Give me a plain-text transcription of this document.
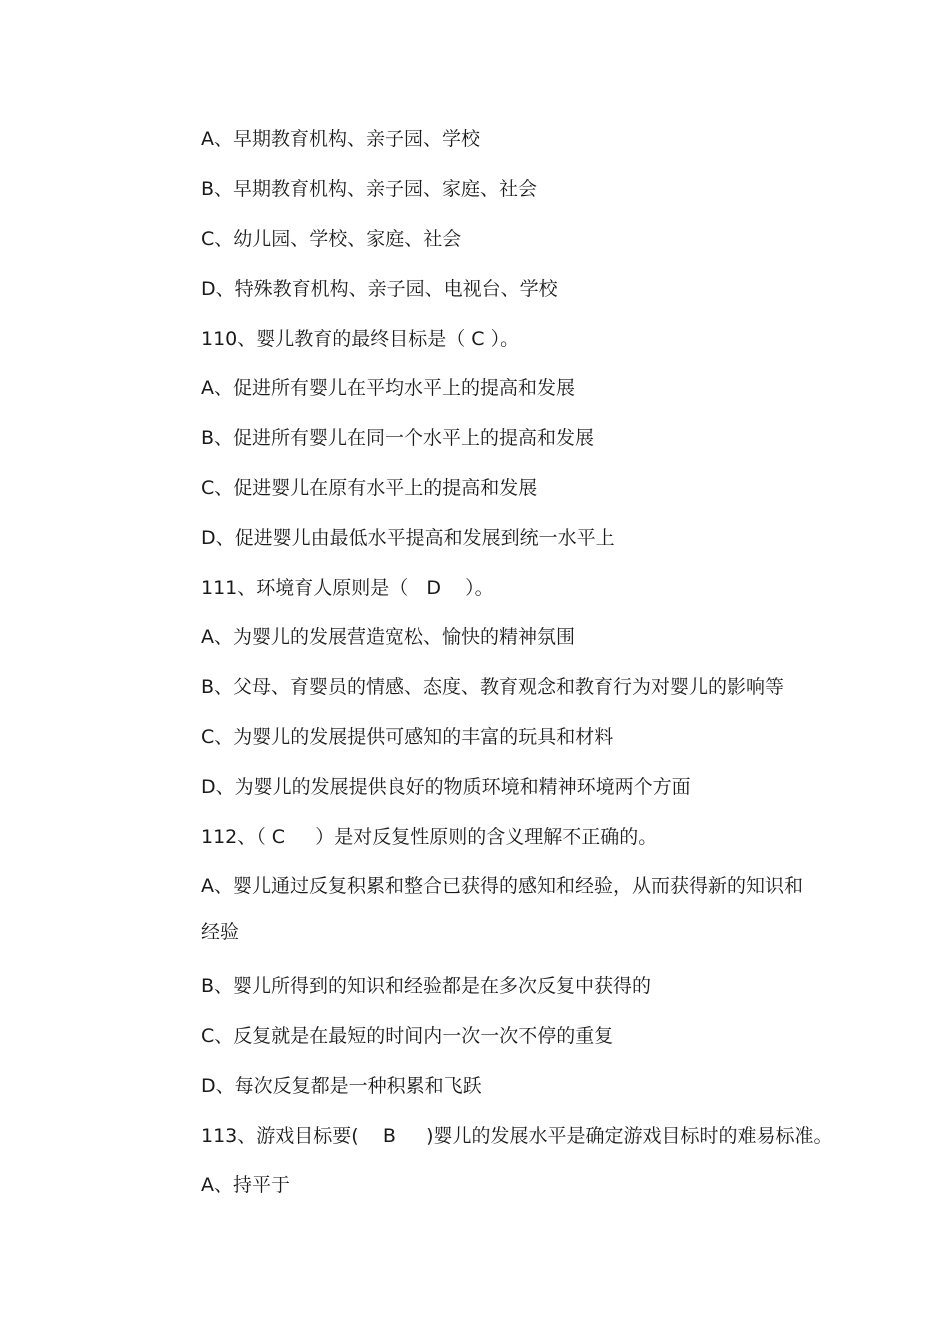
A、早期教育机构、亲子园、学校
B、早期教育机构、亲子园、家庭、社会
C、幼儿园、学校、家庭、社会
D、特殊教育机构、亲子园、电视台、学校
110、婴儿教育的最终目标是（ C ）。
A、促进所有婴儿在平均水平上的提高和发展
B、促进所有婴儿在同一个水平上的提高和发展
C、促进婴儿在原有水平上的提高和发展
D、促进婴儿由最低水平提高和发展到统一水平上
111、环境育人原则是（   D    ）。
A、为婴儿的发展营造宽松、愉快的精神氛围
B、父母、育婴员的情感、态度、教育观念和教育行为对婴儿的影响等
C、为婴儿的发展提供可感知的丰富的玩具和材料
D、为婴儿的发展提供良好的物质环境和精神环境两个方面
112、（ C     ）是对反复性原则的含义理解不正确的。
A、婴儿通过反复积累和整合已获得的感知和经验，从而获得新的知识和
经验
B、婴儿所得到的知识和经验都是在多次反复中获得的
C、反复就是在最短的时间内一次一次不停的重复
D、每次反复都是一种积累和飞跃
113、游戏目标要(    B     )婴儿的发展水平是确定游戏目标时的难易标准。
A、持平于
